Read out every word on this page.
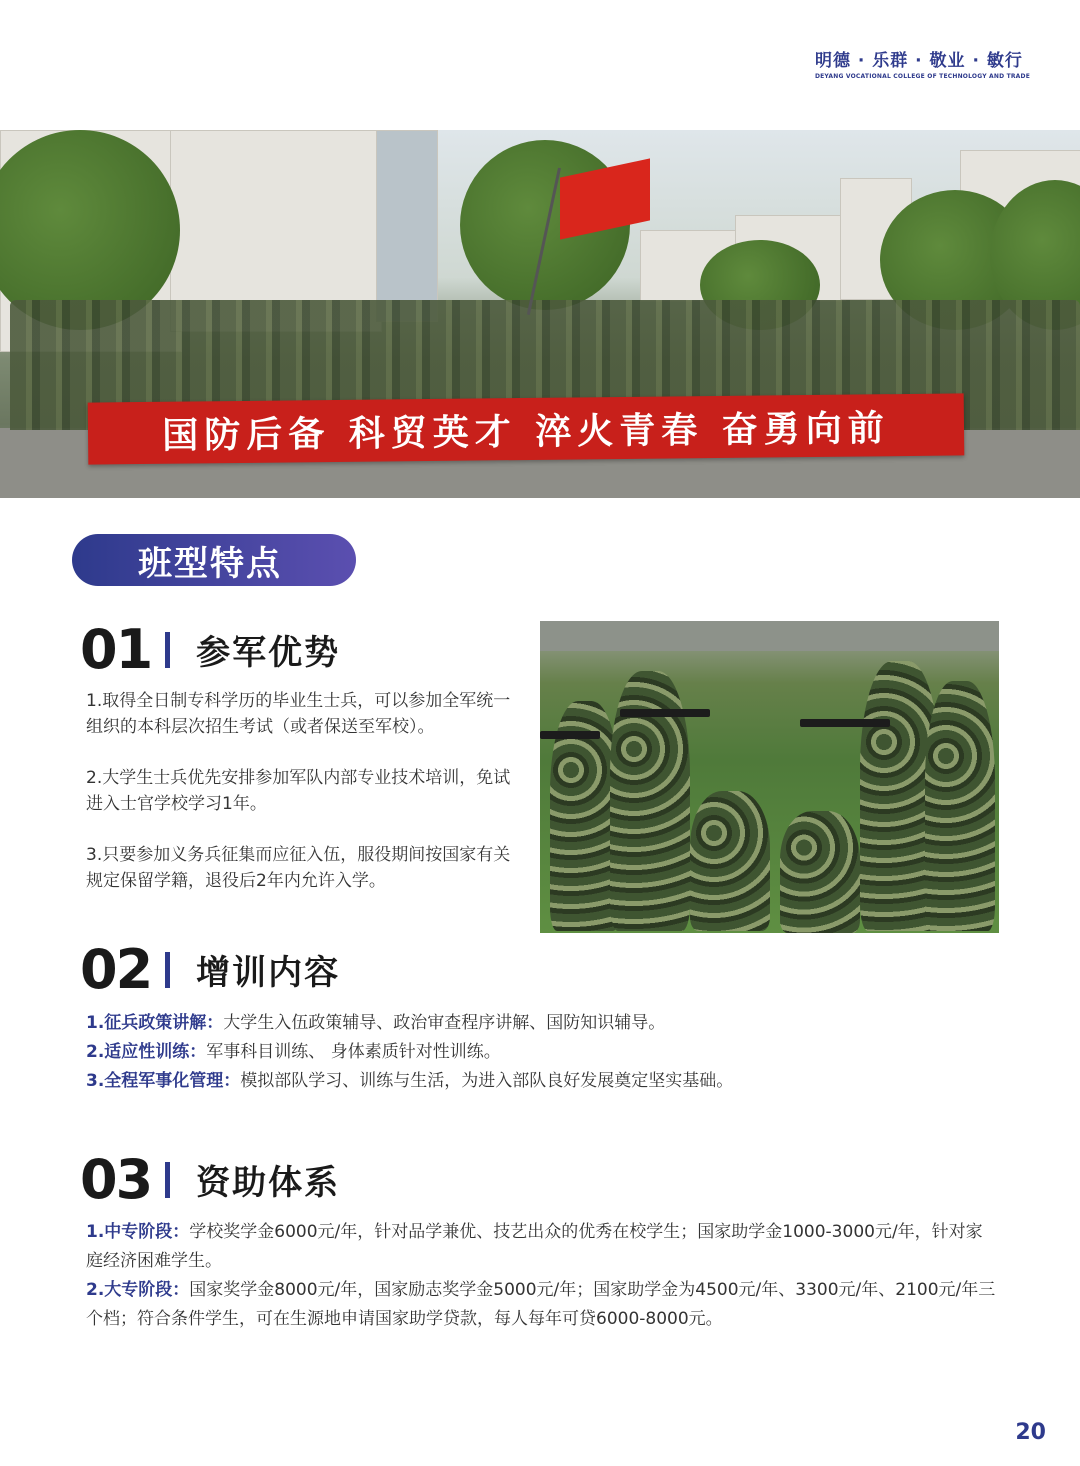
明德 · 乐群 · 敬业 · 敏行
DEYANG VOCATIONAL COLLEGE OF TECHNOLOGY AND TRADE
国防后备 科贸英才 淬火青春 奋勇向前
班型特点
01 参军优势
1.取得全日制专科学历的毕业生士兵，可以参加全军统一组织的本科层次招生考试（或者保送至军校）。
2.大学生士兵优先安排参加军队内部专业技术培训，免试进入士官学校学习1年。
3.只要参加义务兵征集而应征入伍，服役期间按国家有关规定保留学籍，退役后2年内允许入学。
02 增训内容
1.征兵政策讲解：大学生入伍政策辅导、政治审查程序讲解、国防知识辅导。
2.适应性训练：军事科目训练、 身体素质针对性训练。
3.全程军事化管理：模拟部队学习、训练与生活，为进入部队良好发展奠定坚实基础。
03 资助体系
1.中专阶段：学校奖学金6000元/年，针对品学兼优、技艺出众的优秀在校学生；国家助学金1000-3000元/年，针对家庭经济困难学生。
2.大专阶段：国家奖学金8000元/年，国家励志奖学金5000元/年；国家助学金为4500元/年、3300元/年、2100元/年三个档；符合条件学生，可在生源地申请国家助学贷款，每人每年可贷6000-8000元。
20
